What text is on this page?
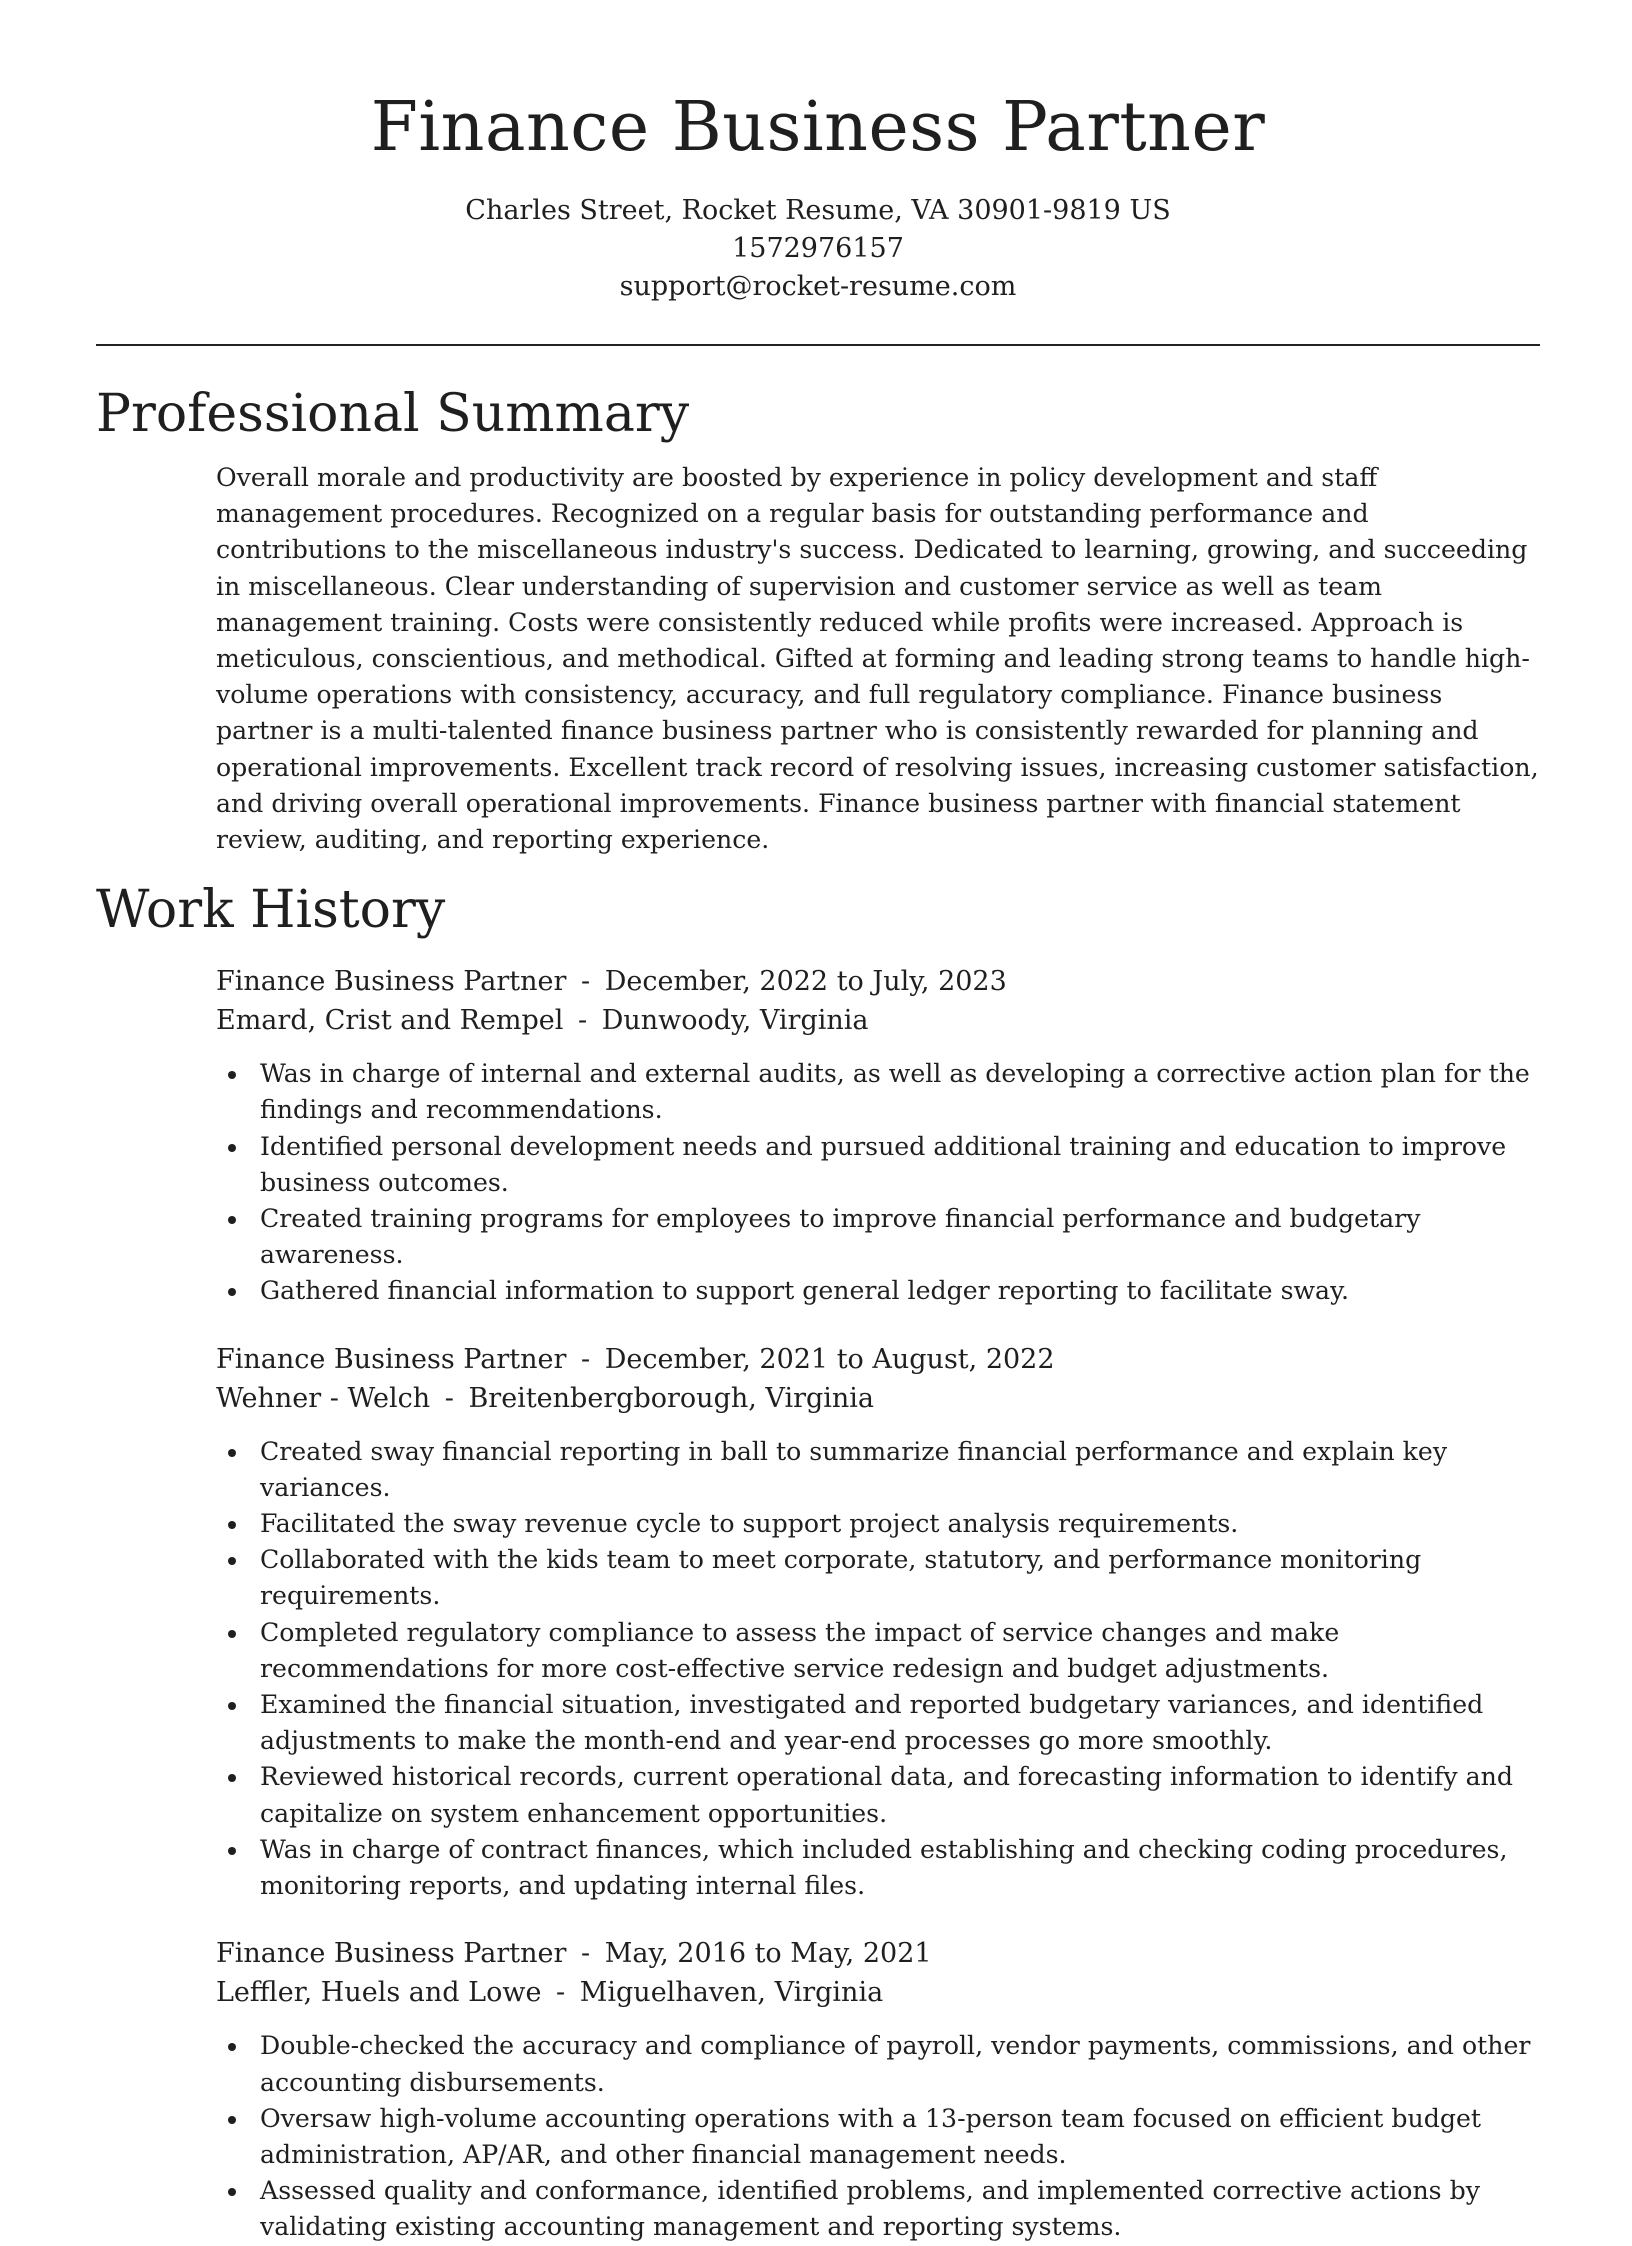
Finance Business Partner
Charles Street, Rocket Resume, VA 30901-9819 US
1572976157
support@rocket-resume.com
Professional Summary

Overall morale and productivity are boosted by experience in policy development and staff management procedures. Recognized on a regular basis for outstanding performance and contributions to the miscellaneous industry's success. Dedicated to learning, growing, and succeeding in miscellaneous. Clear understanding of supervision and customer service as well as team management training. Costs were consistently reduced while profits were increased. Approach is meticulous, conscientious, and methodical. Gifted at forming and leading strong teams to handle high-volume operations with consistency, accuracy, and full regulatory compliance. Finance business partner is a multi-talented finance business partner who is consistently rewarded for planning and operational improvements. Excellent track record of resolving issues, increasing customer satisfaction, and driving overall operational improvements. Finance business partner with financial statement review, auditing, and reporting experience.

Work History
Finance Business Partner - December, 2022 to July, 2023
Emard, Crist and Rempel - Dunwoody, Virginia
Was in charge of internal and external audits, as well as developing a corrective action plan for the findings and recommendations.
Identified personal development needs and pursued additional training and education to improve business outcomes.
Created training programs for employees to improve financial performance and budgetary awareness.
Gathered financial information to support general ledger reporting to facilitate sway.
Finance Business Partner - December, 2021 to August, 2022
Wehner - Welch - Breitenbergborough, Virginia
Created sway financial reporting in ball to summarize financial performance and explain key variances.
Facilitated the sway revenue cycle to support project analysis requirements.
Collaborated with the kids team to meet corporate, statutory, and performance monitoring requirements.
Completed regulatory compliance to assess the impact of service changes and make recommendations for more cost-effective service redesign and budget adjustments.
Examined the financial situation, investigated and reported budgetary variances, and identified adjustments to make the month-end and year-end processes go more smoothly.
Reviewed historical records, current operational data, and forecasting information to identify and capitalize on system enhancement opportunities.
Was in charge of contract finances, which included establishing and checking coding procedures, monitoring reports, and updating internal files.
Finance Business Partner - May, 2016 to May, 2021
Leffler, Huels and Lowe - Miguelhaven, Virginia
Double-checked the accuracy and compliance of payroll, vendor payments, commissions, and other accounting disbursements.
Oversaw high-volume accounting operations with a 13-person team focused on efficient budget administration, AP/AR, and other financial management needs.
Assessed quality and conformance, identified problems, and implemented corrective actions by validating existing accounting management and reporting systems.
